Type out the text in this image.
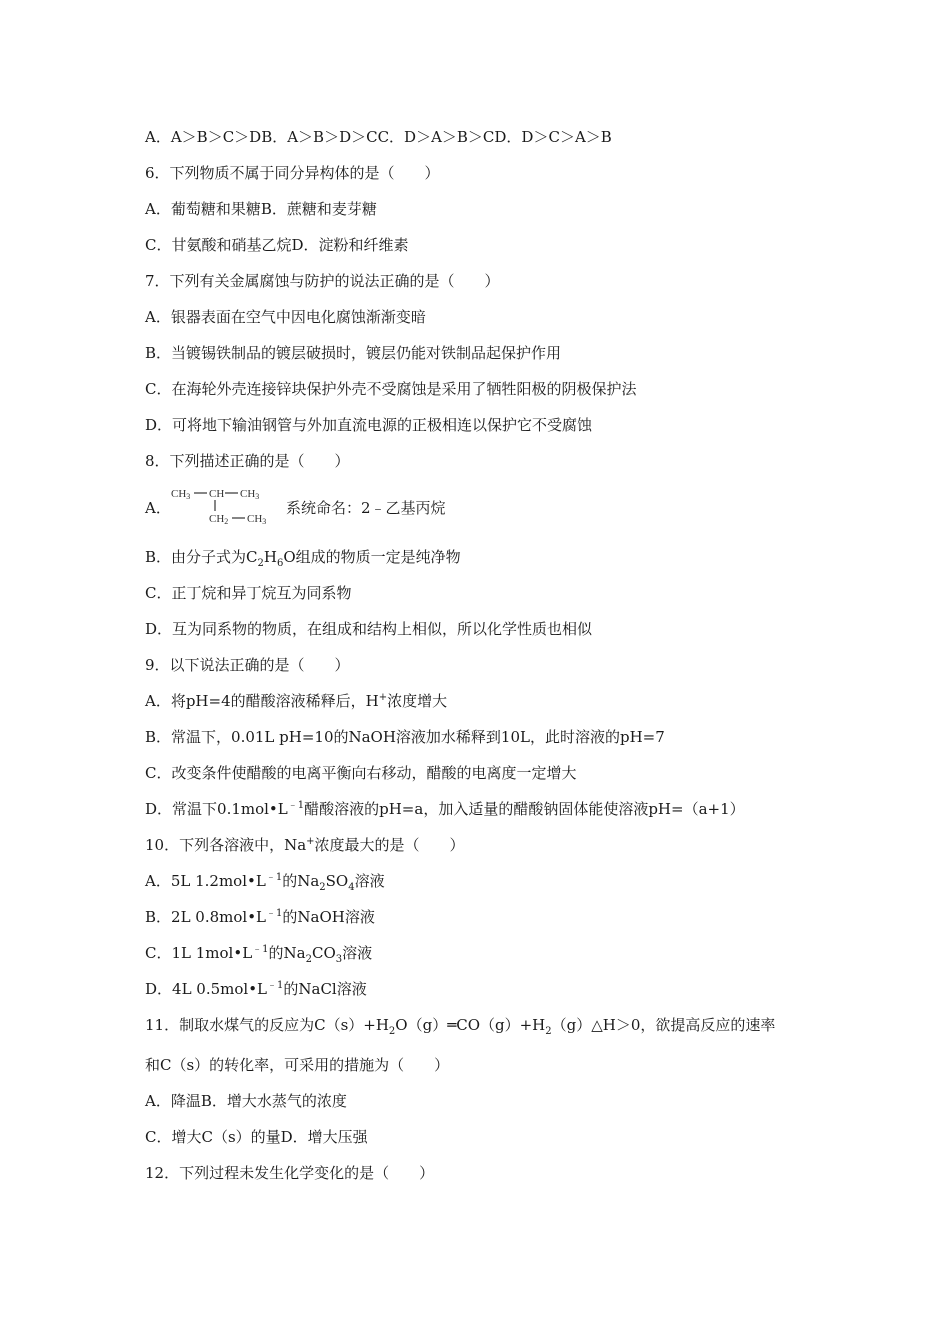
A．A＞B＞C＞DB．A＞B＞D＞CC．D＞A＞B＞CD．D＞C＞A＞B
6．下列物质不属于同分异构体的是（　　）
A．葡萄糖和果糖B．蔗糖和麦芽糖
C．甘氨酸和硝基乙烷D．淀粉和纤维素
7．下列有关金属腐蚀与防护的说法正确的是（　　）
A．银器表面在空气中因电化腐蚀渐渐变暗
B．当镀锡铁制品的镀层破损时，镀层仍能对铁制品起保护作用
C．在海轮外壳连接锌块保护外壳不受腐蚀是采用了牺牲阳极的阴极保护法
D．可将地下输油钢管与外加直流电源的正极相连以保护它不受腐蚀
8．下列描述正确的是（　　）
A．
CH3 CH CH3
CH2 CH3
系统命名：2﹣乙基丙烷
B．由分子式为$C_2H_6O$组成的物质一定是纯净物
C．正丁烷和异丁烷互为同系物
D．互为同系物的物质，在组成和结构上相似，所以化学性质也相似
9．以下说法正确的是（　　）
A．将pH=4的醋酸溶液稀释后，H+浓度增大
B．常温下，0.01L pH=10的NaOH溶液加水稀释到10L，此时溶液的pH=7
C．改变条件使醋酸的电离平衡向右移动，醋酸的电离度一定增大
D．常温下$0.1mol•L^{﹣1}$醋酸溶液的pH=a，加入适量的醋酸钠固体能使溶液pH=（a+1）
10．下列各溶液中，Na+浓度最大的是（　　）
A．5L $1.2mol•L^{﹣1}$的$Na_2SO_4$溶液
B．2L $0.8mol•L^{﹣1}$的NaOH溶液
C．1L $1mol•L^{﹣1}$的$Na_2CO_3$溶液
D．4L $0.5mol•L^{﹣1}$的NaCl溶液
11．制取水煤气的反应为$C(s)+H_2O(g)═CO(g)+H_2(g)\triangle H>0$，欲提高反应的速率
和C（s）的转化率，可采用的措施为（　　）
A．降温B．增大水蒸气的浓度
C．增大C（s）的量D．增大压强
12．下列过程未发生化学变化的是（　　）
